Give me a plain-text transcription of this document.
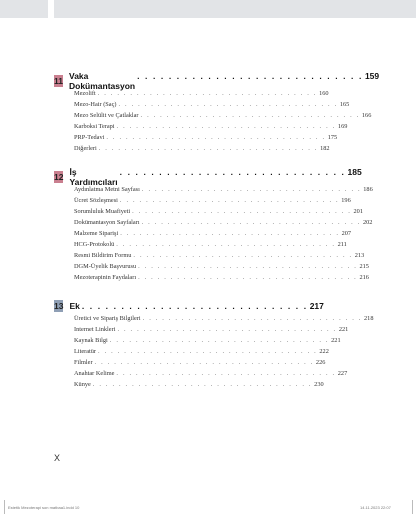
11 Vaka Dokümantasyon
. . . . . . . . . . . . . . . . . . . . . . . . . . . . . 159
Mezolift . . . . . . . . . . . . . . . . . . . . . . . . . . . . . . . . . . 160
Mezo-Hair (Saç) . . . . . . . . . . . . . . . . . . . . . . . . . . . . . . . . . . 165
Mezo Selülit ve Çatlaklar . . . . . . . . . . . . . . . . . . . . . . . . . . . . . . . . . . 166
Karboksi Terapi . . . . . . . . . . . . . . . . . . . . . . . . . . . . . . . . . . 169
PRP-Tedavi . . . . . . . . . . . . . . . . . . . . . . . . . . . . . . . . . . 175
Diğerleri . . . . . . . . . . . . . . . . . . . . . . . . . . . . . . . . . . 182
12 İş Yardımcıları
. . . . . . . . . . . . . . . . . . . . . . . . . . . . . 185
Aydınlatma Metni Sayfası . . . . . . . . . . . . . . . . . . . . . . . . . . . . . . . . . . 186
Ücret Sözleşmesi . . . . . . . . . . . . . . . . . . . . . . . . . . . . . . . . . . 196
Sorumluluk Muafiyeti . . . . . . . . . . . . . . . . . . . . . . . . . . . . . . . . . . 201
Dokümantasyon Sayfaları . . . . . . . . . . . . . . . . . . . . . . . . . . . . . . . . . . 202
Malzeme Siparişi . . . . . . . . . . . . . . . . . . . . . . . . . . . . . . . . . . 207
HCG-Protokolü . . . . . . . . . . . . . . . . . . . . . . . . . . . . . . . . . . 211
Resmi Bildirim Formu . . . . . . . . . . . . . . . . . . . . . . . . . . . . . . . . . . 213
DGM-Üyelik Başvurusu . . . . . . . . . . . . . . . . . . . . . . . . . . . . . . . . . . 215
Mezoterapinin Faydaları . . . . . . . . . . . . . . . . . . . . . . . . . . . . . . . . . . 216
13 Ek . . . . . . . . . . . . . . . . . . . . . . . . . . . . . 217
Üretici ve Sipariş Bilgileri . . . . . . . . . . . . . . . . . . . . . . . . . . . . . . . . . . 218
Internet Linkleri . . . . . . . . . . . . . . . . . . . . . . . . . . . . . . . . . . 221
Kaynak Bilgi . . . . . . . . . . . . . . . . . . . . . . . . . . . . . . . . . . 221
Literatür . . . . . . . . . . . . . . . . . . . . . . . . . . . . . . . . . . 222
Filmler . . . . . . . . . . . . . . . . . . . . . . . . . . . . . . . . . . 226
Anahtar Kelime . . . . . . . . . . . . . . . . . . . . . . . . . . . . . . . . . . 227
Künye . . . . . . . . . . . . . . . . . . . . . . . . . . . . . . . . . . 230
X
Estetik Mezoterapi son matbaa1.indd 10	14.11.2023 22:07
